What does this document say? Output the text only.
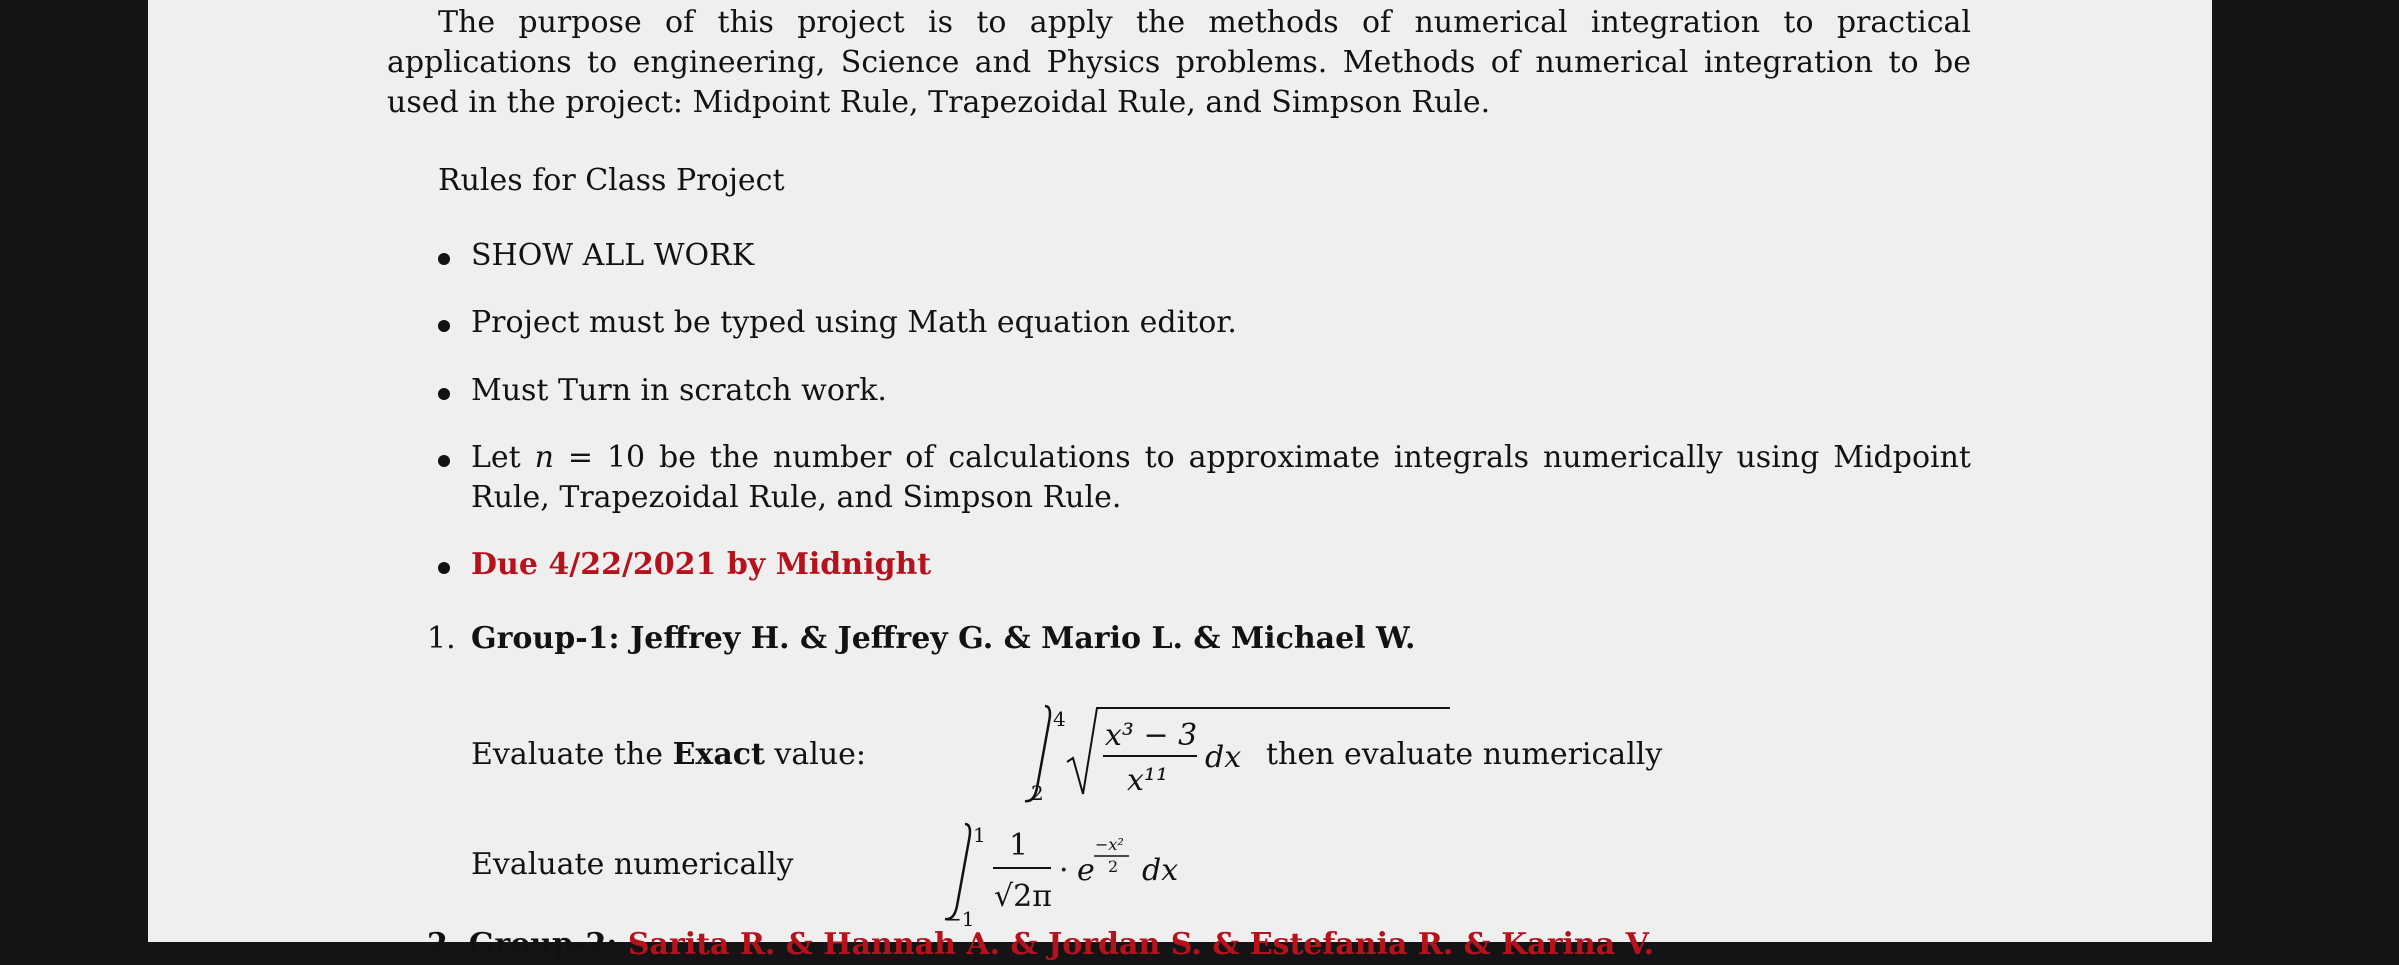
The purpose of this project is to apply the methods of numerical integration to practical applications to engineering, Science and Physics problems. Methods of numerical integration to be used in the project: Midpoint Rule, Trapezoidal Rule, and Simpson Rule.

Rules for Class Project

SHOW ALL WORK
Project must be typed using Math equation editor.
Must Turn in scratch work.
Let n = 10 be the number of calculations to approximate integrals numerically using Midpoint Rule, Trapezoidal Rule, and Simpson Rule.
Due 4/22/2021 by Midnight
1. Group-1: Jeffrey H. & Jeffrey G. & Mario L. & Michael W.
Evaluate the Exact value:
4
2
x³ − 3
x¹¹
dx then evaluate numerically
Evaluate numerically
1
−1
1
√2π
· e
−x²
2 dx
2. Group-2: Sarita R. & Hannah A. & Jordan S. & Estefania R. & Karina V.
